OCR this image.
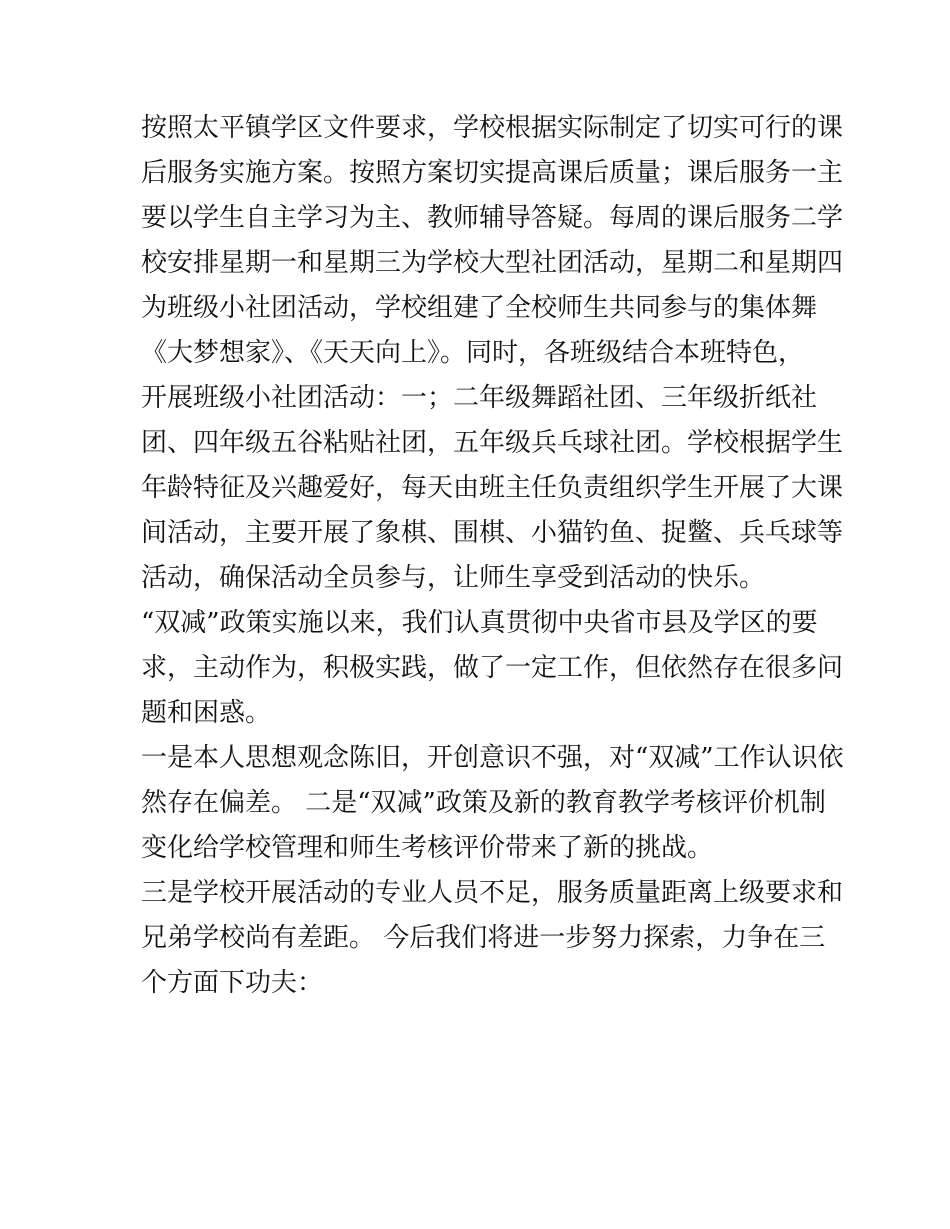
按照太平镇学区文件要求，学校根据实际制定了切实可行的课
后服务实施方案。按照方案切实提高课后质量；课后服务一主
要以学生自主学习为主、教师辅导答疑。每周的课后服务二学
校安排星期一和星期三为学校大型社团活动，星期二和星期四
为班级小社团活动，学校组建了全校师生共同参与的集体舞
《大梦想家》、《天天向上》。同时，各班级结合本班特色，
开展班级小社团活动：一；二年级舞蹈社团、三年级折纸社
团、四年级五谷粘贴社团，五年级兵乓球社团。学校根据学生
年龄特征及兴趣爱好，每天由班主任负责组织学生开展了大课
间活动，主要开展了象棋、围棋、小猫钓鱼、捉鳖、兵乓球等
活动，确保活动全员参与，让师生享受到活动的快乐。
“双减”政策实施以来，我们认真贯彻中央省市县及学区的要
求，主动作为，积极实践，做了一定工作，但依然存在很多问
题和困惑。
一是本人思想观念陈旧，开创意识不强，对“双减”工作认识依
然存在偏差。 二是“双减”政策及新的教育教学考核评价机制
变化给学校管理和师生考核评价带来了新的挑战。
三是学校开展活动的专业人员不足，服务质量距离上级要求和
兄弟学校尚有差距。 今后我们将进一步努力探索，力争在三
个方面下功夫：
